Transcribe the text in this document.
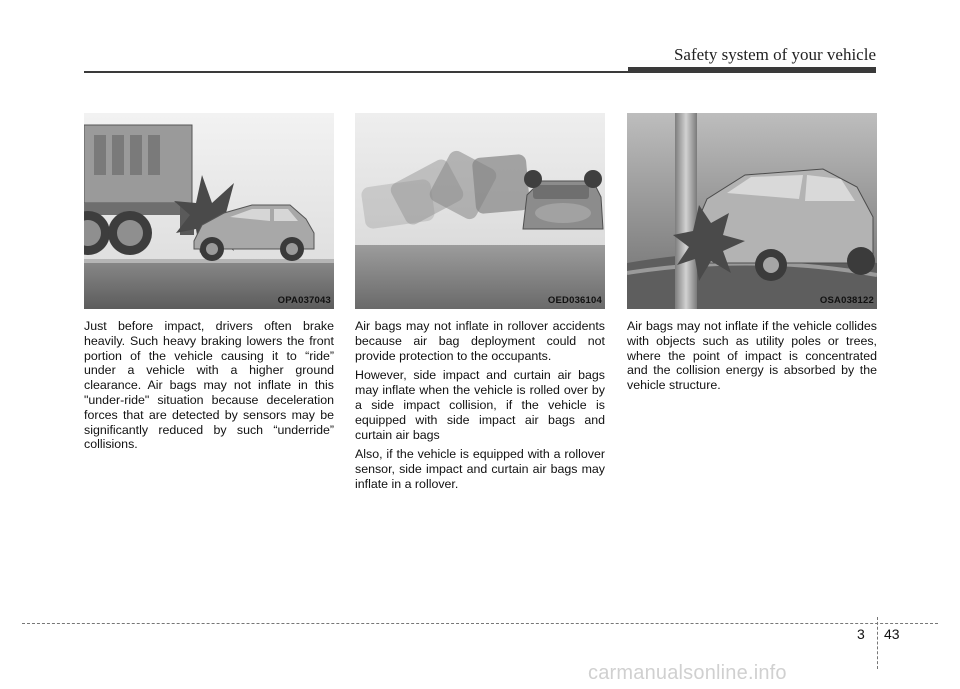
Safety system of your vehicle
OPA037043	OED036104	OSA038122

Just before impact, drivers often brake heavily. Such heavy braking lowers the front portion of the vehicle causing it to “ride” under a vehicle with a higher ground clearance. Air bags may not inflate in this "under-ride" situation because deceleration forces that are detected by sensors may be significantly reduced by such “underride” collisions.

Air bags may not inflate in rollover accidents because air bag deployment could not provide protection to the occupants.

However, side impact and curtain air bags may inflate when the vehicle is rolled over by a side impact collision, if the vehicle is equipped with side impact air bags and curtain air bags

Also, if the vehicle is equipped with a rollover sensor, side impact and curtain air bags may inflate in a rollover.

Air bags may not inflate if the vehicle collides with objects such as utility poles or trees, where the point of impact is concentrated and the collision energy is absorbed by the vehicle structure.

3 43
carmanualsonline.info
